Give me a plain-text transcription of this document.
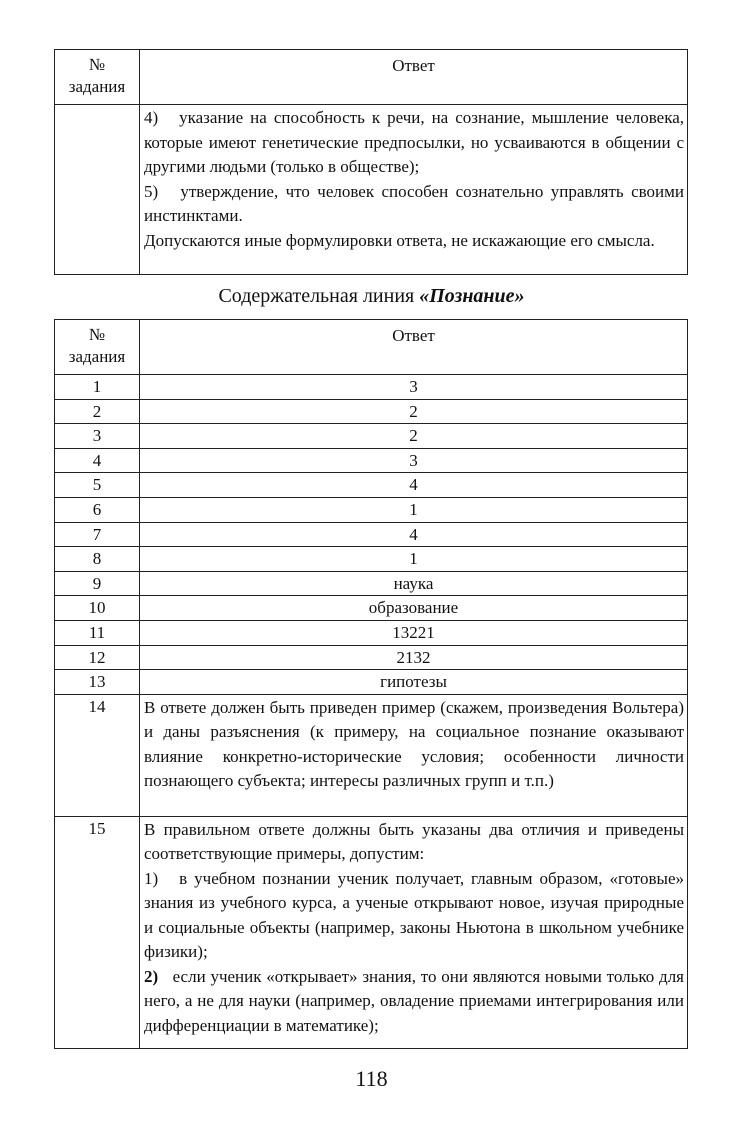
№
задания	Ответ

	4)   указание на способность к речи, на сознание, мышление человека, которые имеют генетические предпосылки, но усваиваются в общении с другими людьми (только в обществе);
5)   утверждение, что человек способен сознательно управлять своими инстинктами.
Допускаются иные формулировки ответа, не искажающие его смысла.
Содержательная линия «Познание»
№
задания	Ответ
1	3
2	2
3	2
4	3
5	4
6	1
7	4
8	1
9	наука
10	образование
11	13221
12	2132
13	гипотезы
14	В ответе должен быть приведен пример (скажем, произведения Вольтера) и даны разъяснения (к примеру, на социальное познание оказывают влияние конкретно-исторические условия; особенности личности познающего субъекта; интересы различных групп и т.п.)

15	В правильном ответе должны быть указаны два отличия и приведены соответствующие примеры, допустим:
1)   в учебном познании ученик получает, главным образом, «готовые» знания из учебного курса, а ученые открывают новое, изучая природные и социальные объекты (например, законы Ньютона в школьном учебнике физики);
2)   если ученик «открывает» знания, то они являются новыми только для него, а не для науки (например, овладение приемами интегрирования или дифференциации в математике);
118
